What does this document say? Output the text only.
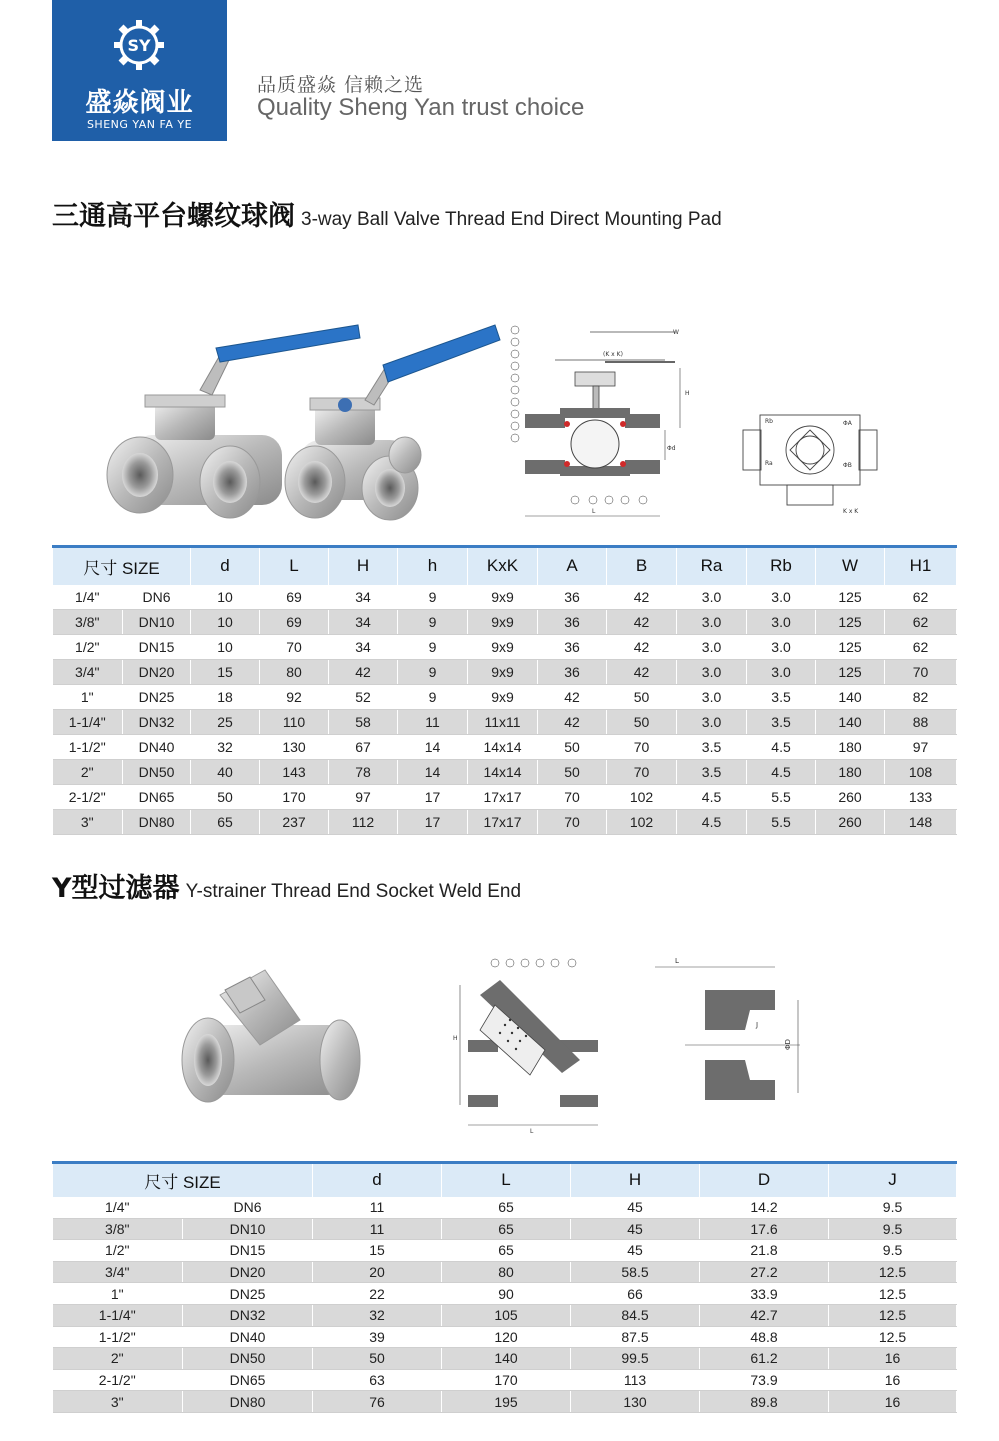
SY
盛焱阀业
SHENG YAN FA YE
品质盛焱 信赖之选
Quality Sheng Yan trust choice
三通高平台螺纹球阀 3-way Ball Valve Thread End Direct Mounting Pad
W
(K x K)
H
Φd
L
Rb
Ra
ΦA
ΦB
K x K
尺寸 SIZE		d	L	H	h	KxK	A	B	Ra	Rb	W	H1
1/4"	DN6	10	69	34	9	9x9	36	42	3.0	3.0	125	62
3/8"	DN10	10	69	34	9	9x9	36	42	3.0	3.0	125	62
1/2"	DN15	10	70	34	9	9x9	36	42	3.0	3.0	125	62
3/4"	DN20	15	80	42	9	9x9	36	42	3.0	3.0	125	70
1"	DN25	18	92	52	9	9x9	42	50	3.0	3.5	140	82
1-1/4"	DN32	25	110	58	11	11x11	42	50	3.0	3.5	140	88
1-1/2"	DN40	32	130	67	14	14x14	50	70	3.5	4.5	180	97
2"	DN50	40	143	78	14	14x14	50	70	3.5	4.5	180	108
2-1/2"	DN65	50	170	97	17	17x17	70	102	4.5	5.5	260	133
3"	DN80	65	237	112	17	17x17	70	102	4.5	5.5	260	148
Y型过滤器 Y-strainer Thread End Socket Weld End
L
H
L
J
ΦD
尺寸 SIZE		d	L	H	D	J
1/4"	DN6	11	65	45	14.2	9.5
3/8"	DN10	11	65	45	17.6	9.5
1/2"	DN15	15	65	45	21.8	9.5
3/4"	DN20	20	80	58.5	27.2	12.5
1"	DN25	22	90	66	33.9	12.5
1-1/4"	DN32	32	105	84.5	42.7	12.5
1-1/2"	DN40	39	120	87.5	48.8	12.5
2"	DN50	50	140	99.5	61.2	16
2-1/2"	DN65	63	170	113	73.9	16
3"	DN80	76	195	130	89.8	16
